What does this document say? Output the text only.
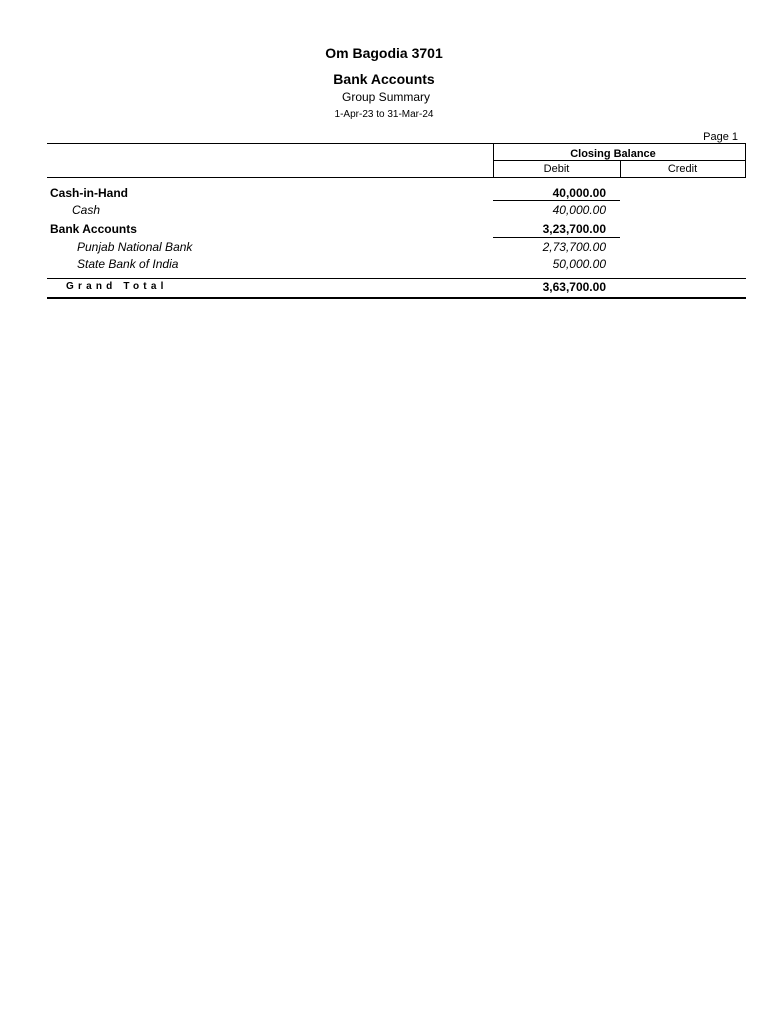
Om Bagodia 3701
Bank Accounts
Group Summary
1-Apr-23 to 31-Mar-24
Page 1
Closing Balance
Debit	Credit
Cash-in-Hand	40,000.00
Cash	40,000.00
Bank Accounts	3,23,700.00
Punjab National Bank	2,73,700.00
State Bank of India	50,000.00
Grand Total	3,63,700.00
